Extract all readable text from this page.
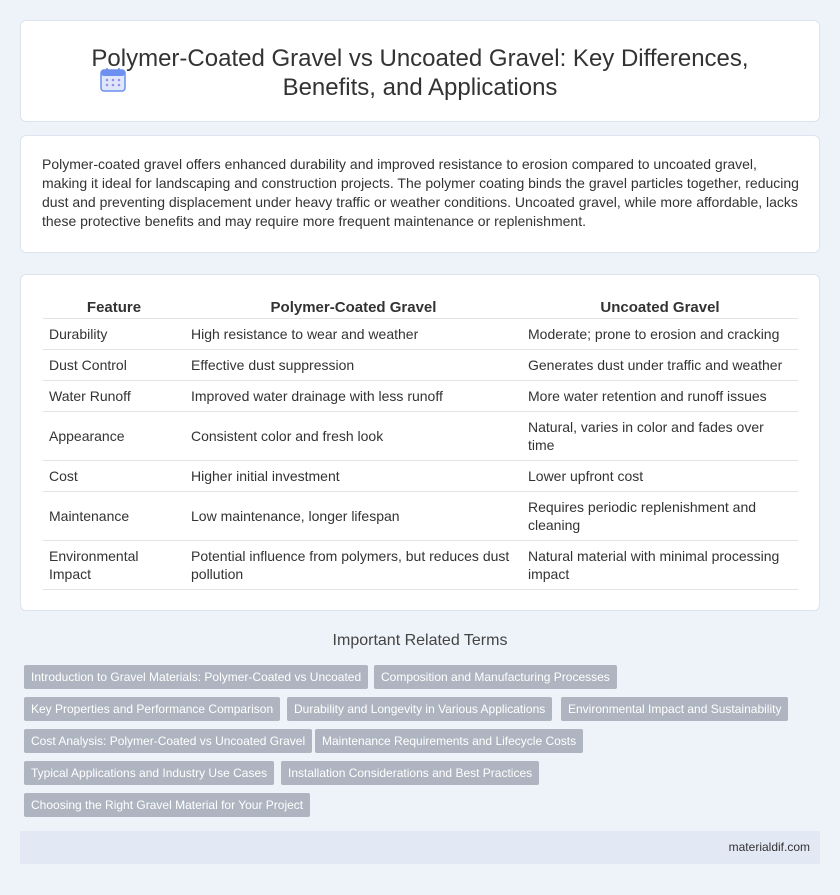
Polymer-Coated Gravel vs Uncoated Gravel: Key Differences, Benefits, and Applications

Polymer-coated gravel offers enhanced durability and improved resistance to erosion compared to uncoated gravel, making it ideal for landscaping and construction projects. The polymer coating binds the gravel particles together, reducing dust and preventing displacement under heavy traffic or weather conditions. Uncoated gravel, while more affordable, lacks these protective benefits and may require more frequent maintenance or replenishment.

Feature	Polymer-Coated Gravel	Uncoated Gravel
Durability	High resistance to wear and weather	Moderate; prone to erosion and cracking
Dust Control	Effective dust suppression	Generates dust under traffic and weather
Water Runoff	Improved water drainage with less runoff	More water retention and runoff issues
Appearance	Consistent color and fresh look	Natural, varies in color and fades over time
Cost	Higher initial investment	Lower upfront cost
Maintenance	Low maintenance, longer lifespan	Requires periodic replenishment and cleaning
Environmental Impact	Potential influence from polymers, but reduces dust pollution	Natural material with minimal processing impact
Important Related Terms
Introduction to Gravel Materials: Polymer-Coated vs Uncoated	Composition and Manufacturing Processes
Key Properties and Performance Comparison	Durability and Longevity in Various Applications	Environmental Impact and Sustainability
Cost Analysis: Polymer-Coated vs Uncoated Gravel	Maintenance Requirements and Lifecycle Costs
Typical Applications and Industry Use Cases	Installation Considerations and Best Practices
Choosing the Right Gravel Material for Your Project
materialdif.com
